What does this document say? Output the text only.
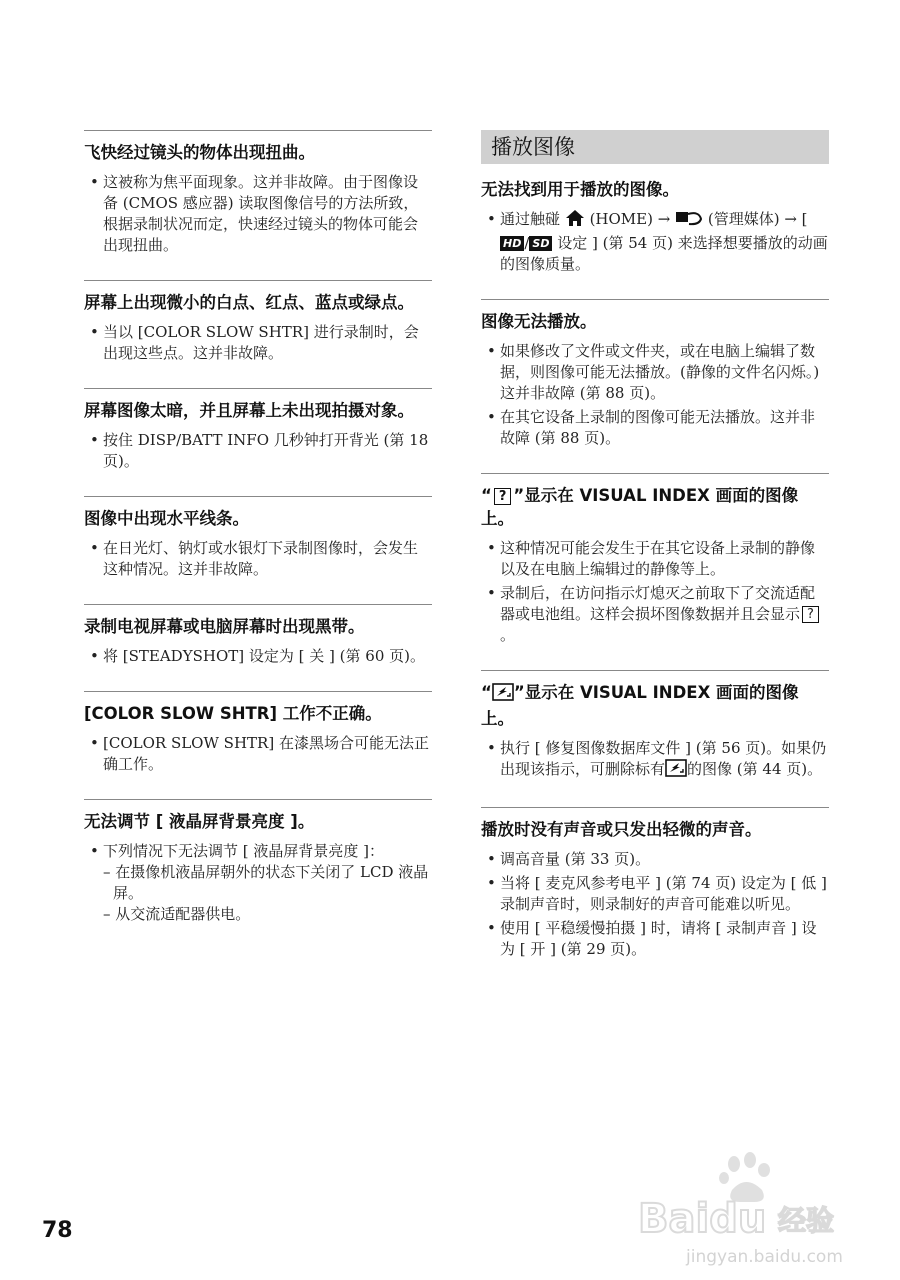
飞快经过镜头的物体出现扭曲。
• 这被称为焦平面现象。这并非故障。由于图像设备 (CMOS 感应器) 读取图像信号的方法所致，根据录制状况而定，快速经过镜头的物体可能会出现扭曲。
屏幕上出现微小的白点、红点、蓝点或绿点。
• 当以 [COLOR SLOW SHTR] 进行录制时，会出现这些点。这并非故障。
屏幕图像太暗，并且屏幕上未出现拍摄对象。
• 按住 DISP/BATT INFO 几秒钟打开背光 (第 18 页)。
图像中出现水平线条。
• 在日光灯、钠灯或水银灯下录制图像时，会发生这种情况。这并非故障。
录制电视屏幕或电脑屏幕时出现黑带。
• 将 [STEADYSHOT] 设定为 [ 关 ] (第 60 页)。
[COLOR SLOW SHTR] 工作不正确。
• [COLOR SLOW SHTR] 在漆黑场合可能无法正确工作。
无法调节 [ 液晶屏背景亮度 ]。
• 下列情况下无法调节 [ 液晶屏背景亮度 ]：
– 在摄像机液晶屏朝外的状态下关闭了 LCD 液晶屏。
– 从交流适配器供电。
播放图像
无法找到用于播放的图像。
• 通过触碰 (HOME) →	(管理媒体) → [ HD / SD 设定 ] (第 54 页) 来选择想要播放的动画的图像质量。
图像无法播放。
• 如果修改了文件或文件夹，或在电脑上编辑了数据，则图像可能无法播放。(静像的文件名闪烁。) 这并非故障 (第 88 页)。
• 在其它设备上录制的图像可能无法播放。这并非故障 (第 88 页)。
“ ? ”显示在 VISUAL INDEX 画面的图像上。
• 这种情况可能会发生于在其它设备上录制的静像以及在电脑上编辑过的静像等上。
• 录制后，在访问指示灯熄灭之前取下了交流适配器或电池组。这样会损坏图像数据并且会显示 ?。
“ ”显示在 VISUAL INDEX 画面的图像上。
• 执行 [ 修复图像数据库文件 ] (第 56 页)。如果仍出现该指示，可删除标有 的图像 (第 44 页)。
播放时没有声音或只发出轻微的声音。
• 调高音量 (第 33 页)。
• 当将 [ 麦克风参考电平 ] (第 74 页) 设定为 [ 低 ] 录制声音时，则录制好的声音可能难以听见。
• 使用 [ 平稳缓慢拍摄 ] 时，请将 [ 录制声音 ] 设为 [ 开 ] (第 29 页)。
78	Baidu 经验
jingyan.baidu.com
